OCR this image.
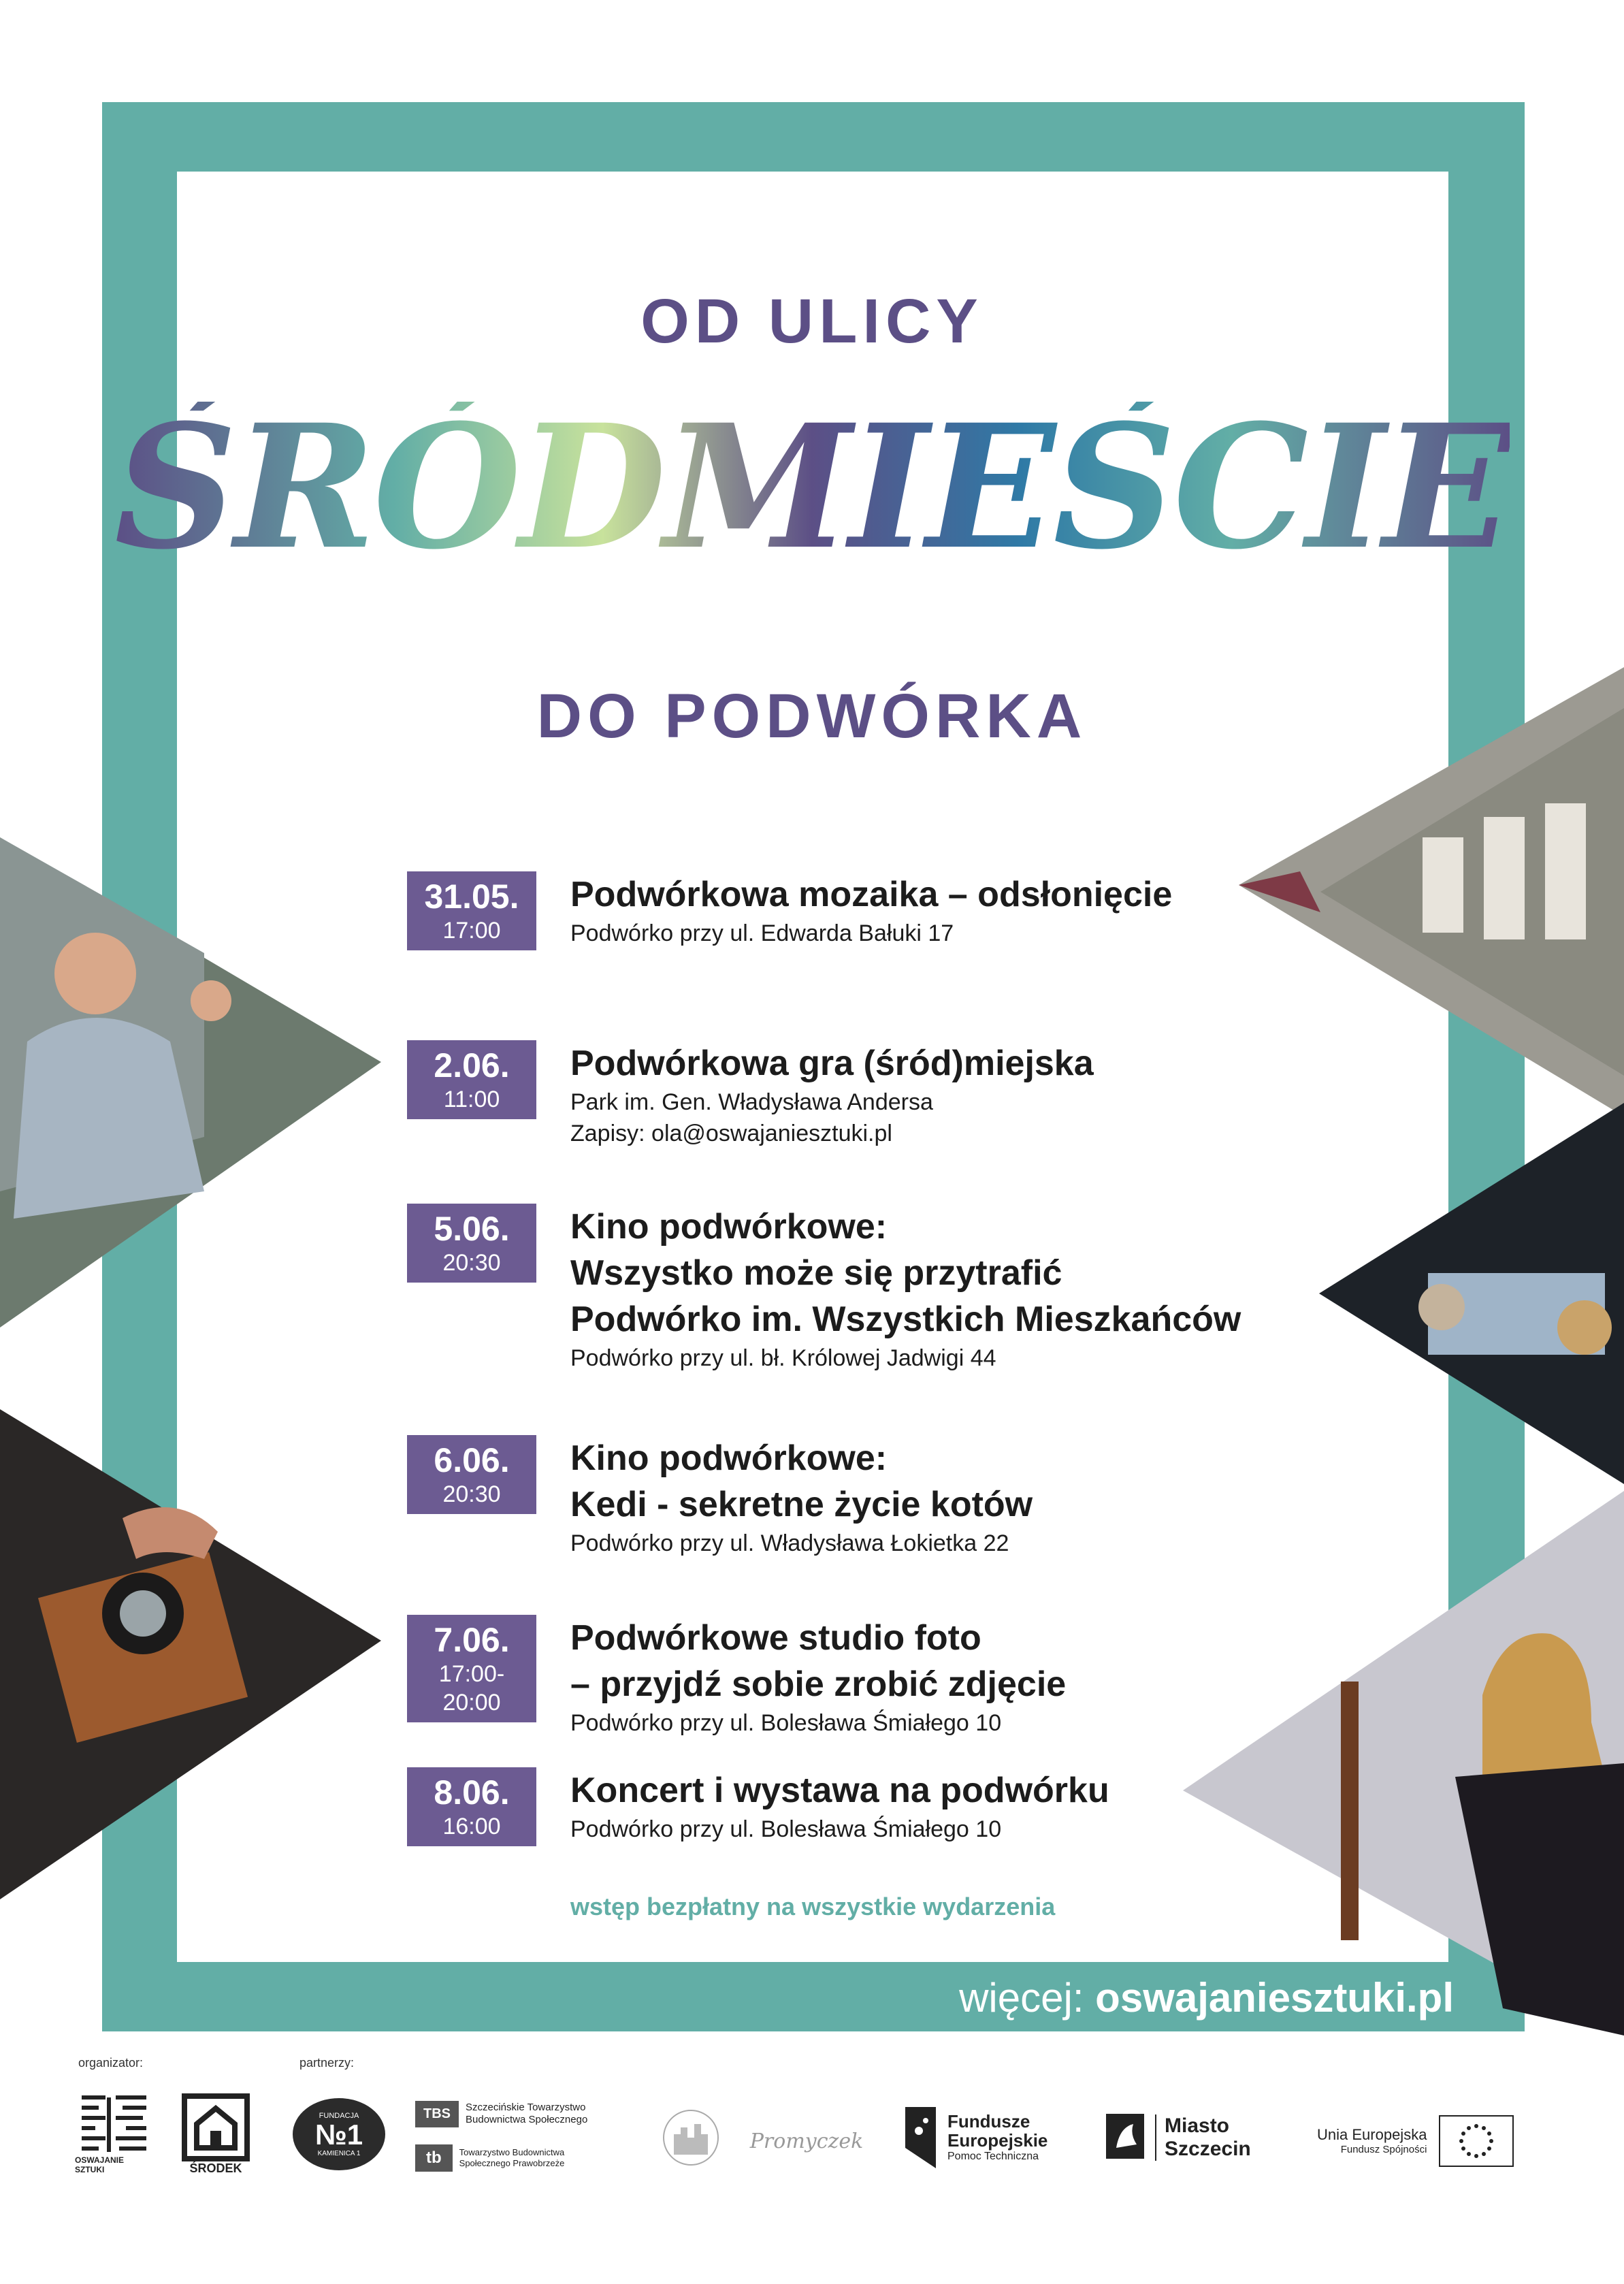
OD ULICY
ŚRÓDMIEŚCIE
DO PODWÓRKA
31.05.
17:00
Podwórkowa mozaika – odsłonięcie
Podwórko przy ul. Edwarda Bałuki 17
2.06.
11:00
Podwórkowa gra (śród)miejska
Park im. Gen. Władysława Andersa
Zapisy: ola@oswajaniesztuki.pl
5.06.
20:30
Kino podwórkowe:
Wszystko może się przytrafić
Podwórko im. Wszystkich Mieszkańców
Podwórko przy ul. bł. Królowej Jadwigi 44
6.06.
20:30
Kino podwórkowe:
Kedi - sekretne życie kotów
Podwórko przy ul. Władysława Łokietka 22
7.06.
17:00-
20:00
Podwórkowe studio foto
– przyjdź sobie zrobić zdjęcie
Podwórko przy ul. Bolesława Śmiałego 10
8.06.
16:00
Koncert i wystawa na podwórku
Podwórko przy ul. Bolesława Śmiałego 10
wstęp bezpłatny na wszystkie wydarzenia
więcej: oswajaniesztuki.pl
organizator:	partnerzy:
OSWAJANIE SZTUKI	ŚRODEK
FUNDACJA
№1
KAMIENICA 1
TBS	Szczecińskie Towarzystwo Budownictwa Społecznego
tb	Towarzystwo Budownictwa Społecznego Prawobrzeże
Promyczek
Fundusze
Europejskie
Pomoc Techniczna
Miasto
Szczecin
Unia Europejska
Fundusz Spójności
